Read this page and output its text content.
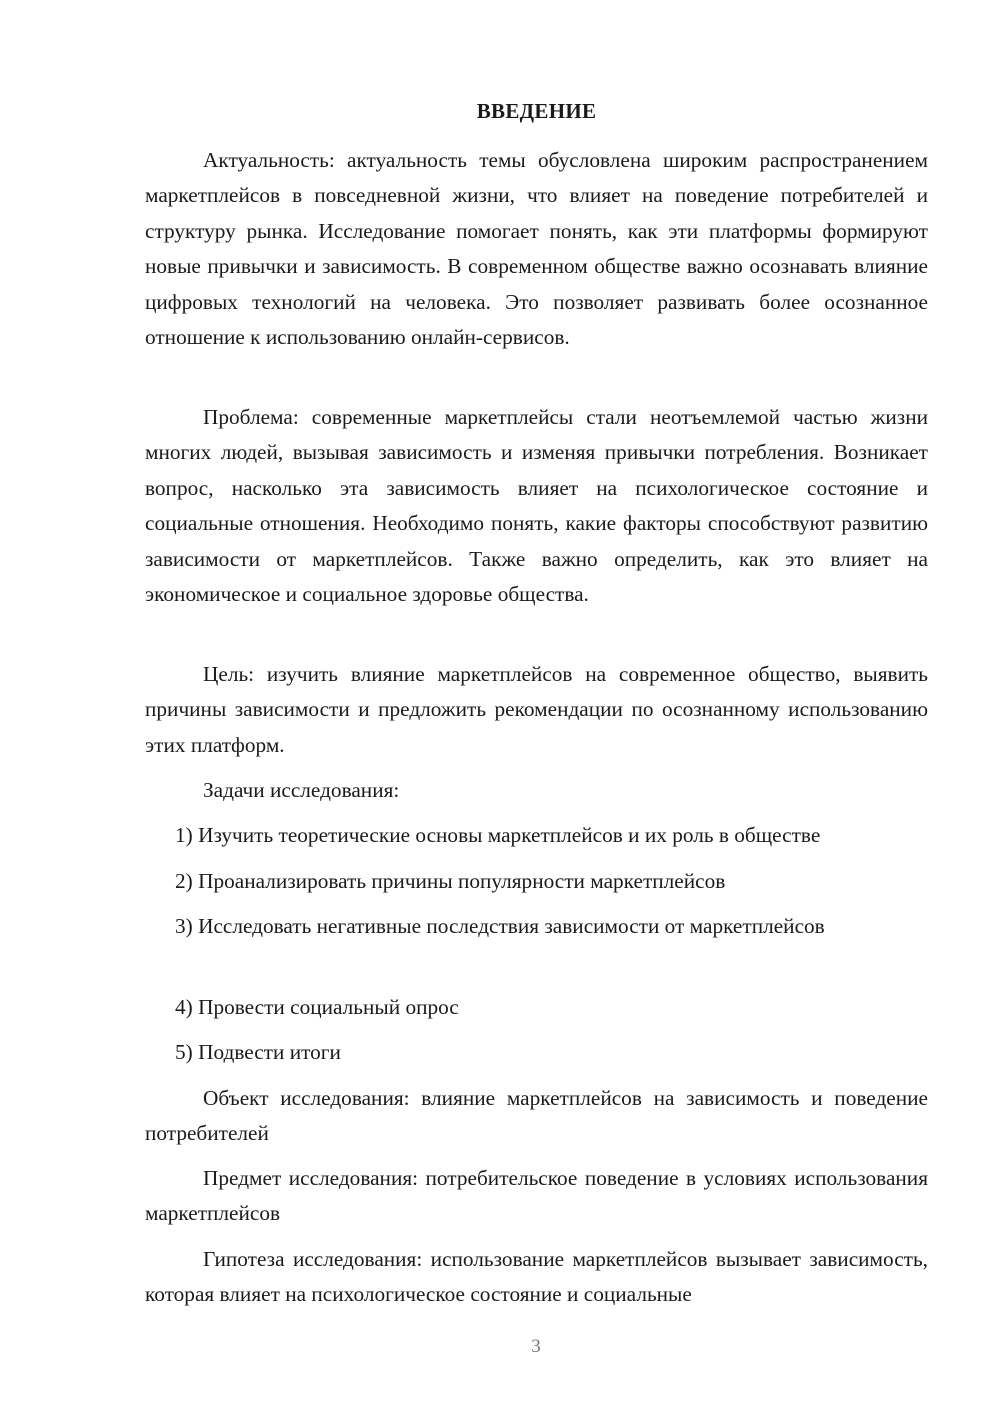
ВВЕДЕНИЕ

Актуальность: актуальность темы обусловлена широким распространением маркетплейсов в повседневной жизни, что влияет на поведение потребителей и структуру рынка. Исследование помогает понять, как эти платформы формируют новые привычки и зависимость. В современном обществе важно осознавать влияние цифровых технологий на человека. Это позволяет развивать более осознанное отношение к использованию онлайн-сервисов.

Проблема: современные маркетплейсы стали неотъемлемой частью жизни многих людей, вызывая зависимость и изменяя привычки потребления. Возникает вопрос, насколько эта зависимость влияет на психологическое состояние и социальные отношения. Необходимо понять, какие факторы способствуют развитию зависимости от маркетплейсов. Также важно определить, как это влияет на экономическое и социальное здоровье общества.

Цель: изучить влияние маркетплейсов на современное общество, выявить причины зависимости и предложить рекомендации по осознанному использованию этих платформ.

Задачи исследования:

1) Изучить теоретические основы маркетплейсов и их роль в обществе

2) Проанализировать причины популярности маркетплейсов

3) Исследовать негативные последствия зависимости от маркетплейсов

4) Провести социальный опрос

5) Подвести итоги

Объект исследования: влияние маркетплейсов на зависимость и поведение потребителей

Предмет исследования: потребительское поведение в условиях использования маркетплейсов

Гипотеза исследования: использование маркетплейсов вызывает зависимость, которая влияет на психологическое состояние и социальные

3
